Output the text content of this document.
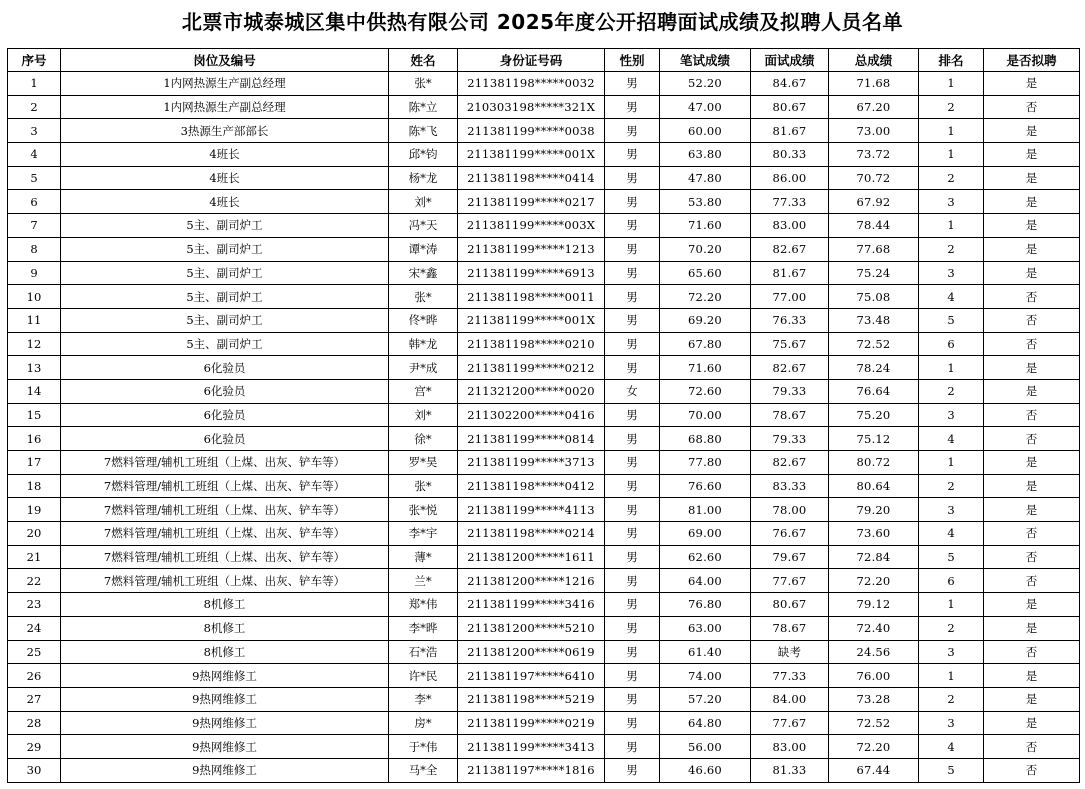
北票市城泰城区集中供热有限公司 2025年度公开招聘面试成绩及拟聘人员名单
序号	岗位及编号	姓名	身份证号码	性别	笔试成绩	面试成绩	总成绩	排名	是否拟聘
1	1内网热源生产副总经理	张*	211381198*****0032	男	52.20	84.67	71.68	1	是
2	1内网热源生产副总经理	陈*立	210303198*****321X	男	47.00	80.67	67.20	2	否
3	3热源生产部部长	陈*飞	211381199*****0038	男	60.00	81.67	73.00	1	是
4	4班长	邱*钧	211381199*****001X	男	63.80	80.33	73.72	1	是
5	4班长	杨*龙	211381198*****0414	男	47.80	86.00	70.72	2	是
6	4班长	刘*	211381199*****0217	男	53.80	77.33	67.92	3	是
7	5主、副司炉工	冯*天	211381199*****003X	男	71.60	83.00	78.44	1	是
8	5主、副司炉工	谭*涛	211381199*****1213	男	70.20	82.67	77.68	2	是
9	5主、副司炉工	宋*鑫	211381199*****6913	男	65.60	81.67	75.24	3	是
10	5主、副司炉工	张*	211381198*****0011	男	72.20	77.00	75.08	4	否
11	5主、副司炉工	佟*晔	211381199*****001X	男	69.20	76.33	73.48	5	否
12	5主、副司炉工	韩*龙	211381198*****0210	男	67.80	75.67	72.52	6	否
13	6化验员	尹*成	211381199*****0212	男	71.60	82.67	78.24	1	是
14	6化验员	宫*	211321200*****0020	女	72.60	79.33	76.64	2	是
15	6化验员	刘*	211302200*****0416	男	70.00	78.67	75.20	3	否
16	6化验员	徐*	211381199*****0814	男	68.80	79.33	75.12	4	否
17	7燃料管理/辅机工班组（上煤、出灰、铲车等）	罗*昊	211381199*****3713	男	77.80	82.67	80.72	1	是
18	7燃料管理/辅机工班组（上煤、出灰、铲车等）	张*	211381198*****0412	男	76.60	83.33	80.64	2	是
19	7燃料管理/辅机工班组（上煤、出灰、铲车等）	张*悦	211381199*****4113	男	81.00	78.00	79.20	3	是
20	7燃料管理/辅机工班组（上煤、出灰、铲车等）	李*宇	211381198*****0214	男	69.00	76.67	73.60	4	否
21	7燃料管理/辅机工班组（上煤、出灰、铲车等）	薄*	211381200*****1611	男	62.60	79.67	72.84	5	否
22	7燃料管理/辅机工班组（上煤、出灰、铲车等）	兰*	211381200*****1216	男	64.00	77.67	72.20	6	否
23	8机修工	郑*伟	211381199*****3416	男	76.80	80.67	79.12	1	是
24	8机修工	李*晔	211381200*****5210	男	63.00	78.67	72.40	2	是
25	8机修工	石*浩	211381200*****0619	男	61.40	缺考	24.56	3	否
26	9热网维修工	许*民	211381197*****6410	男	74.00	77.33	76.00	1	是
27	9热网维修工	李*	211381198*****5219	男	57.20	84.00	73.28	2	是
28	9热网维修工	房*	211381199*****0219	男	64.80	77.67	72.52	3	是
29	9热网维修工	于*伟	211381199*****3413	男	56.00	83.00	72.20	4	否
30	9热网维修工	马*全	211381197*****1816	男	46.60	81.33	67.44	5	否
